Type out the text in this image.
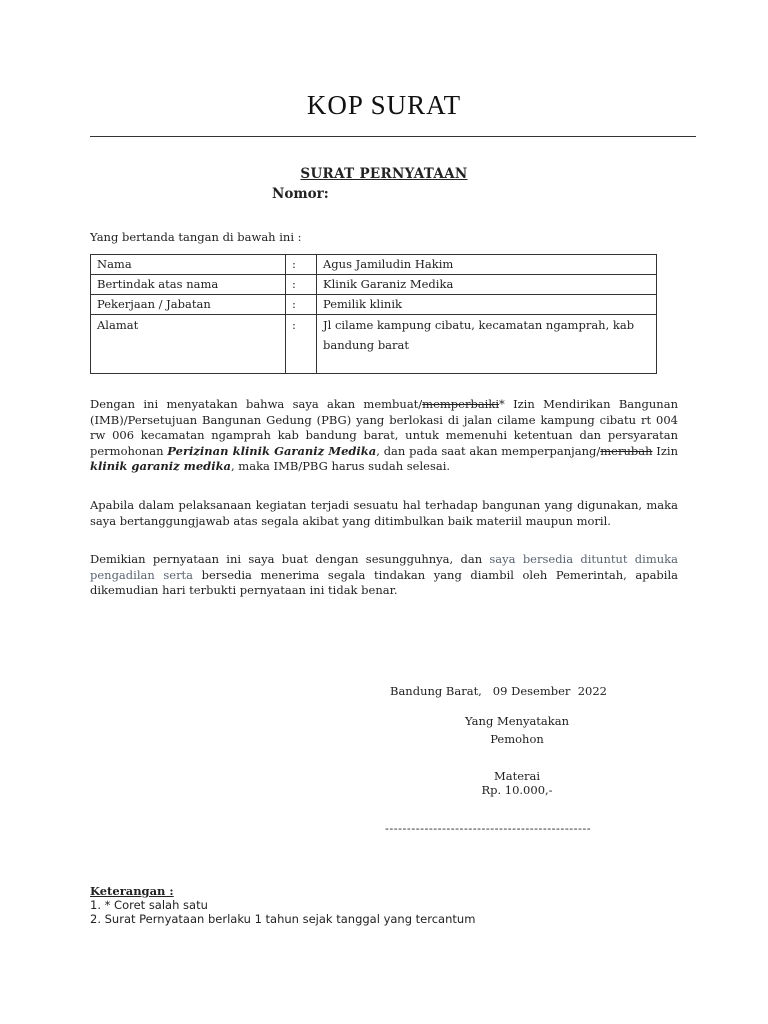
KOP SURAT
SURAT PERNYATAAN
Nomor:
Yang bertanda tangan di bawah ini :
Nama	:	Agus Jamiludin Hakim
Bertindak atas nama	:	Klinik Garaniz Medika
Pekerjaan / Jabatan	:	Pemilik klinik
Alamat	:	Jl cilame kampung cibatu, kecamatan ngamprah, kab bandung barat

Dengan ini menyatakan bahwa saya akan membuat/memperbaiki* Izin Mendirikan Bangunan (IMB)/Persetujuan Bangunan Gedung (PBG) yang berlokasi di jalan cilame kampung cibatu rt 004 rw 006 kecamatan ngamprah kab bandung barat, untuk memenuhi ketentuan dan persyaratan permohonan Perizinan klinik Garaniz Medika, dan pada saat akan memperpanjang/merubah Izin klinik garaniz medika, maka IMB/PBG harus sudah selesai.

Apabila dalam pelaksanaan kegiatan terjadi sesuatu hal terhadap bangunan yang digunakan, maka saya bertanggungjawab atas segala akibat yang ditimbulkan baik materiil maupun moril.

Demikian pernyataan ini saya buat dengan sesungguhnya, dan saya bersedia dituntut dimuka pengadilan serta bersedia menerima segala tindakan yang diambil oleh Pemerintah, apabila dikemudian hari terbukti pernyataan ini tidak benar.

Bandung Barat,   09 Desember  2022
Yang Menyatakan
Pemohon
Materai
Rp. 10.000,-
-----------------------------------------------
Keterangan :
1. * Coret salah satu
2. Surat Pernyataan berlaku 1 tahun sejak tanggal yang tercantum
